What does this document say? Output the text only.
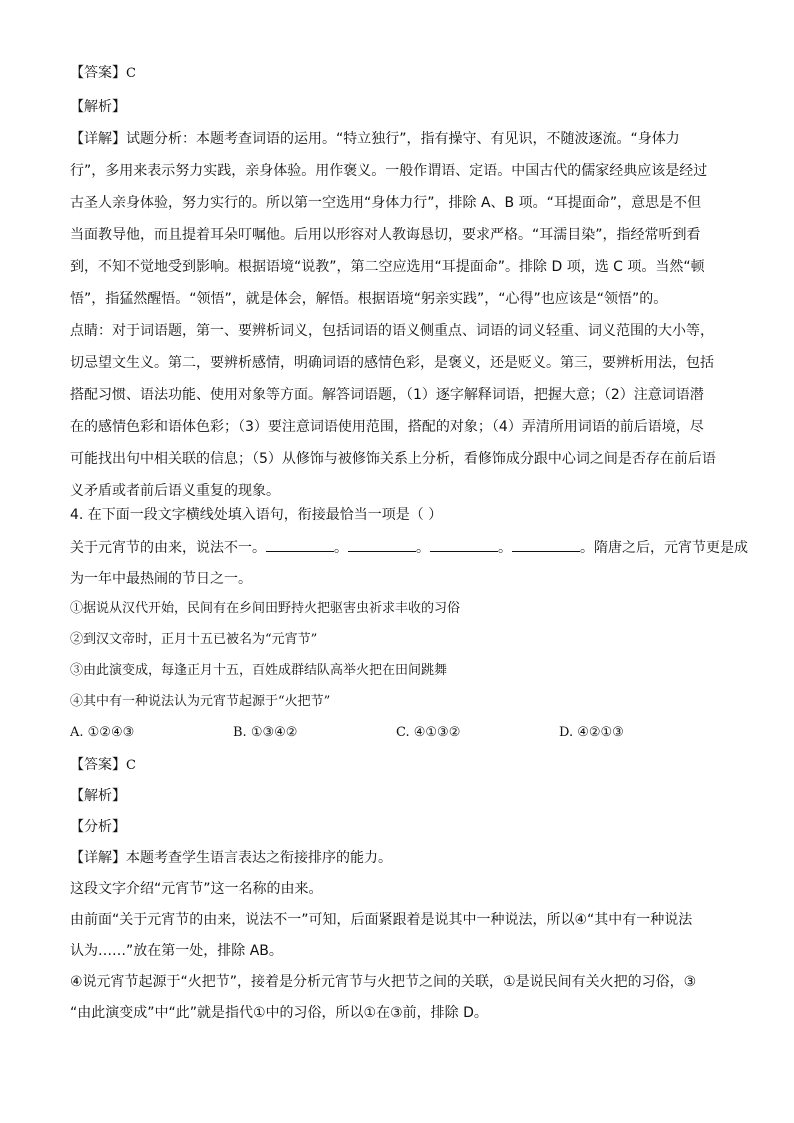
【答案】C
【解析】
【详解】试题分析：本题考查词语的运用。“特立独行”，指有操守、有见识，不随波逐流。“身体力
行”，多用来表示努力实践，亲身体验。用作褒义。一般作谓语、定语。中国古代的儒家经典应该是经过
古圣人亲身体验，努力实行的。所以第一空选用“身体力行”，排除 A、B 项。“耳提面命”，意思是不但
当面教导他，而且提着耳朵叮嘱他。后用以形容对人教诲恳切，要求严格。“耳濡目染”，指经常听到看
到，不知不觉地受到影响。根据语境“说教”，第二空应选用“耳提面命”。排除 D 项，选 C 项。当然“顿
悟”，指猛然醒悟。“领悟”，就是体会，解悟。根据语境“躬亲实践”，“心得”也应该是“领悟”的。
点睛：对于词语题，第一、要辨析词义，包括词语的语义侧重点、词语的词义轻重、词义范围的大小等，
切忌望文生义。第二，要辨析感情，明确词语的感情色彩，是褒义，还是贬义。第三，要辨析用法，包括
搭配习惯、语法功能、使用对象等方面。解答词语题，（1）逐字解释词语，把握大意；（2）注意词语潜
在的感情色彩和语体色彩；（3）要注意词语使用范围，搭配的对象；（4）弄清所用词语的前后语境，尽
可能找出句中相关联的信息；（5）从修饰与被修饰关系上分析，看修饰成分跟中心词之间是否存在前后语
义矛盾或者前后语义重复的现象。
4. 在下面一段文字横线处填入语句，衔接最恰当一项是（ ）
关于元宵节的由来，说法不一。	。	。	。	。隋唐之后，元宵节更是成
为一年中最热闹的节日之一。
①据说从汉代开始，民间有在乡间田野持火把驱害虫祈求丰收的习俗
②到汉文帝时，正月十五已被名为“元宵节”
③由此演变成，每逢正月十五，百姓成群结队高举火把在田间跳舞
④其中有一种说法认为元宵节起源于“火把节”
A. ①②④③	B. ①③④②	C. ④①③②	D. ④②①③
【答案】C
【解析】
【分析】
【详解】本题考查学生语言表达之衔接排序的能力。
这段文字介绍“元宵节”这一名称的由来。
由前面“关于元宵节的由来，说法不一”可知，后面紧跟着是说其中一种说法，所以④“其中有一种说法
认为……”放在第一处，排除 AB。
④说元宵节起源于“火把节”，接着是分析元宵节与火把节之间的关联，①是说民间有关火把的习俗，③
“由此演变成”中“此”就是指代①中的习俗，所以①在③前，排除 D。
